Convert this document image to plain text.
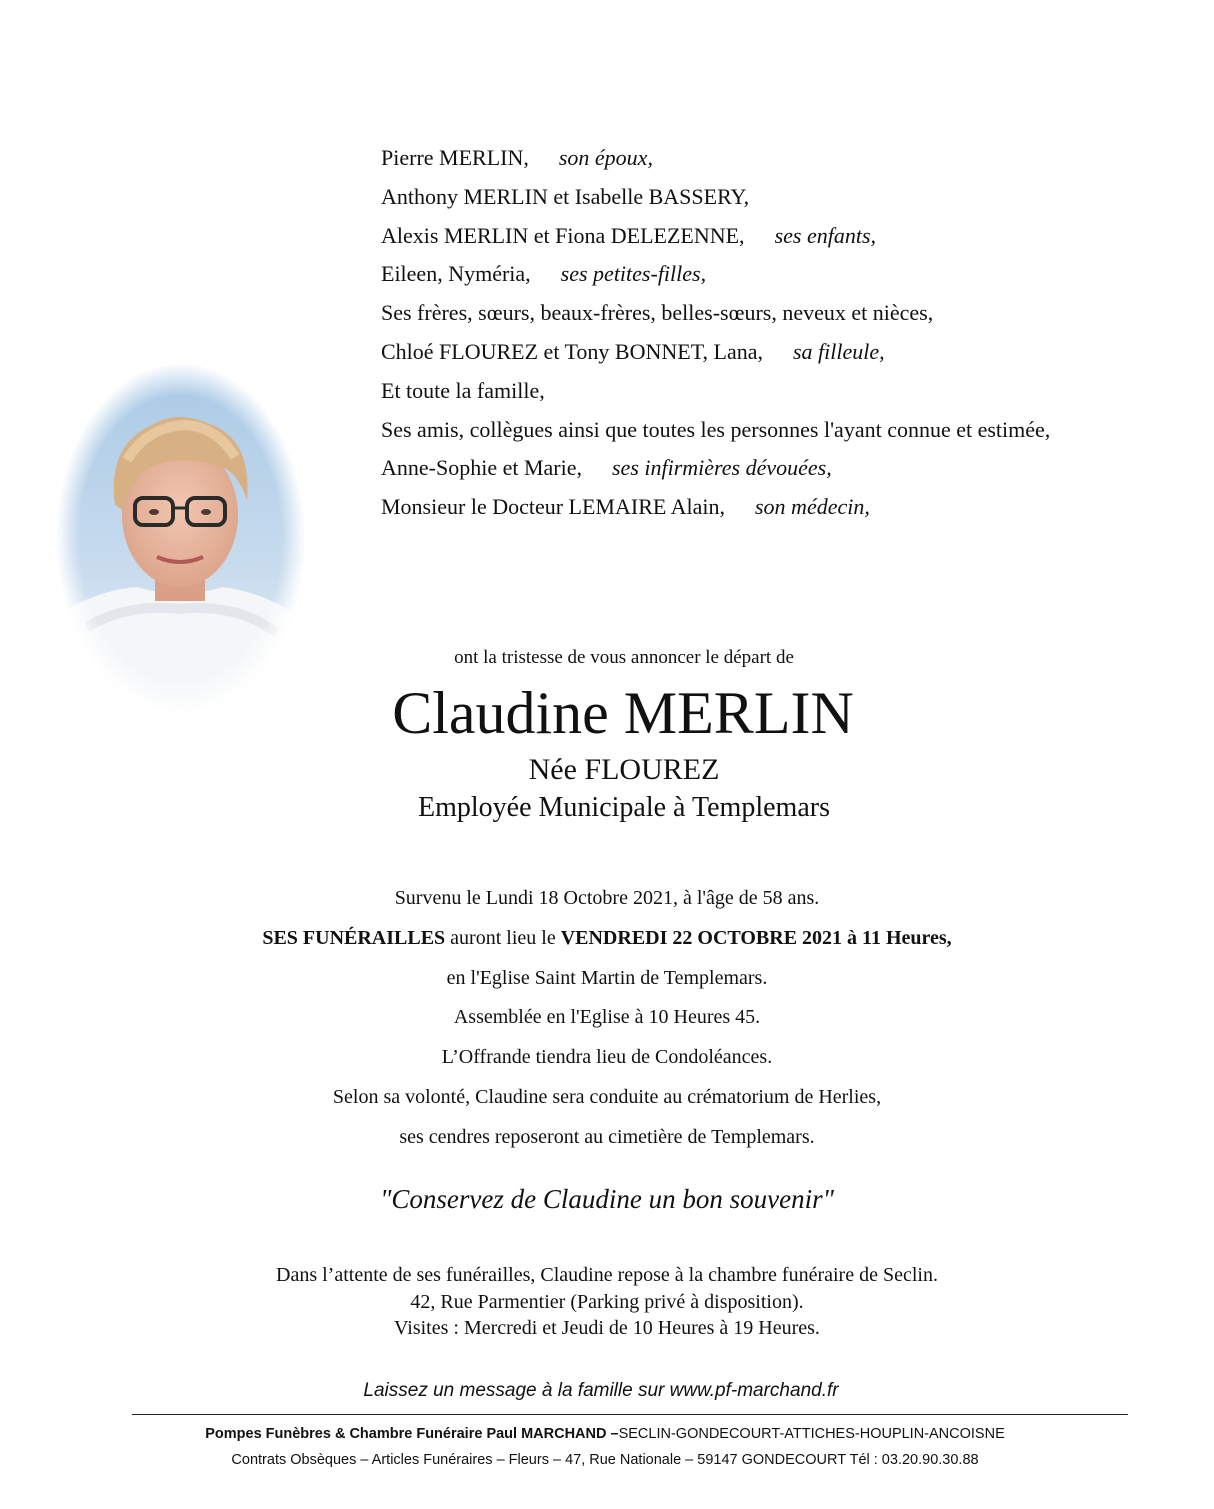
Pierre MERLIN, son époux,
Anthony MERLIN et Isabelle BASSERY,
Alexis MERLIN et Fiona DELEZENNE, ses enfants,
Eileen, Nyméria, ses petites-filles,
Ses frères, sœurs, beaux-frères, belles-sœurs, neveux et nièces,
Chloé FLOUREZ et Tony BONNET, Lana, sa filleule,
Et toute la famille,
Ses amis, collègues ainsi que toutes les personnes l'ayant connue et estimée,
Anne-Sophie et Marie, ses infirmières dévouées,
Monsieur le Docteur LEMAIRE Alain, son médecin,
ont la tristesse de vous annoncer le départ de
Claudine MERLIN
Née FLOUREZ
Employée Municipale à Templemars
Survenu le Lundi 18 Octobre 2021, à l'âge de 58 ans.
SES FUNÉRAILLES auront lieu le VENDREDI 22 OCTOBRE 2021 à 11 Heures,
en l'Eglise Saint Martin de Templemars.
Assemblée en l'Eglise à 10 Heures 45.
L’Offrande tiendra lieu de Condoléances.
Selon sa volonté, Claudine sera conduite au crématorium de Herlies,
ses cendres reposeront au cimetière de Templemars.
"Conservez de Claudine un bon souvenir"
Dans l’attente de ses funérailles, Claudine repose à la chambre funéraire de Seclin.
42, Rue Parmentier (Parking privé à disposition).
Visites : Mercredi et Jeudi de 10 Heures à 19 Heures.
Laissez un message à la famille sur www.pf-marchand.fr
Pompes Funèbres & Chambre Funéraire Paul MARCHAND –SECLIN-GONDECOURT-ATTICHES-HOUPLIN-ANCOISNE
Contrats Obsèques – Articles Funéraires – Fleurs – 47, Rue Nationale – 59147 GONDECOURT Tél : 03.20.90.30.88
